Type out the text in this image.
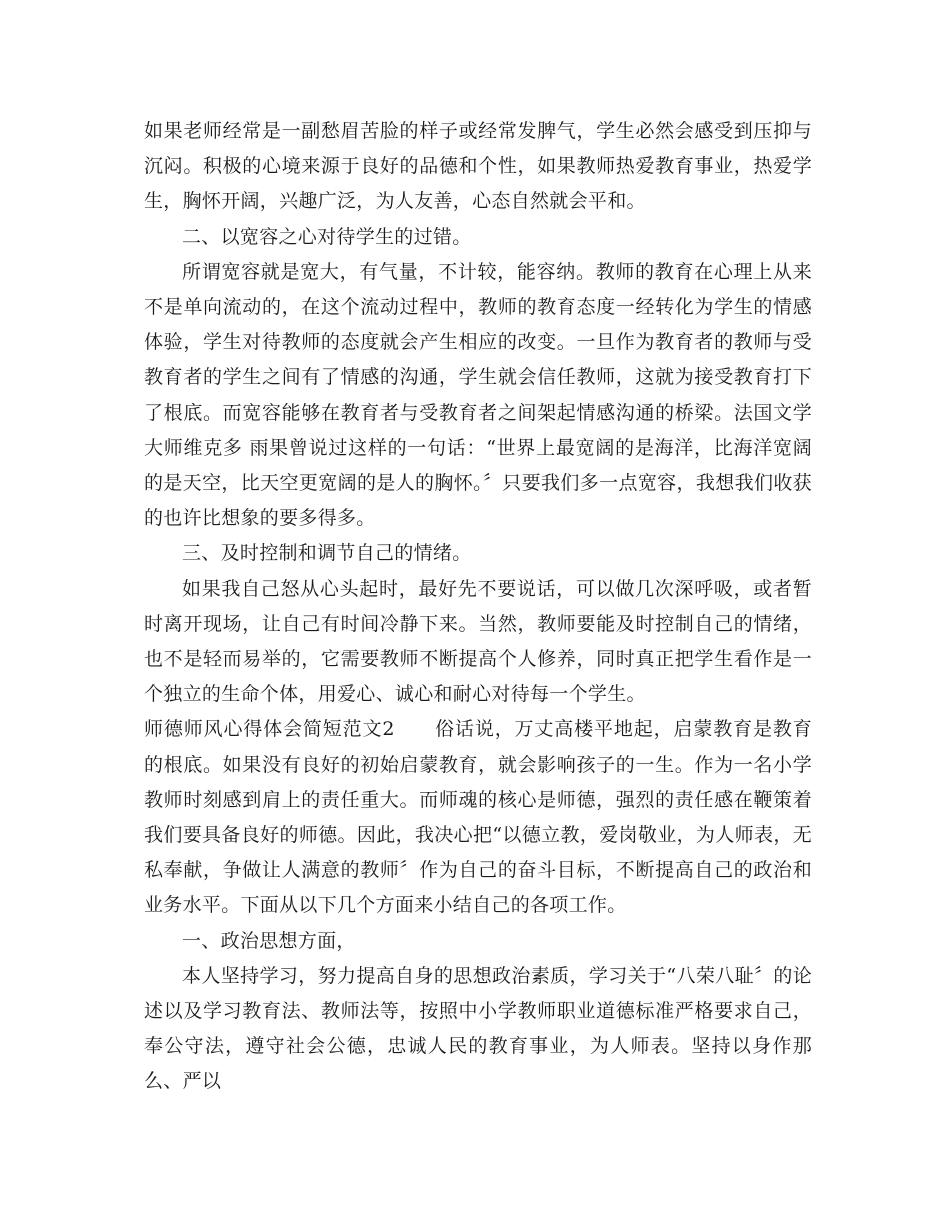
如果老师经常是一副愁眉苦脸的样子或经常发脾气，学生必然会感受到压抑与沉闷。积极的心境来源于良好的品德和个性，如果教师热爱教育事业，热爱学生，胸怀开阔，兴趣广泛，为人友善，心态自然就会平和。

二、以宽容之心对待学生的过错。

所谓宽容就是宽大，有气量，不计较，能容纳。教师的教育在心理上从来不是单向流动的，在这个流动过程中，教师的教育态度一经转化为学生的情感体验，学生对待教师的态度就会产生相应的改变。一旦作为教育者的教师与受教育者的学生之间有了情感的沟通，学生就会信任教师，这就为接受教育打下了根底。而宽容能够在教育者与受教育者之间架起情感沟通的桥梁。法国文学大师维克多 雨果曾说过这样的一句话：“世界上最宽阔的是海洋，比海洋宽阔的是天空，比天空更宽阔的是人的胸怀。〞只要我们多一点宽容，我想我们收获的也许比想象的要多得多。

三、及时控制和调节自己的情绪。

如果我自己怒从心头起时，最好先不要说话，可以做几次深呼吸，或者暂时离开现场，让自己有时间冷静下来。当然，教师要能及时控制自己的情绪，也不是轻而易举的，它需要教师不断提高个人修养，同时真正把学生看作是一个独立的生命个体，用爱心、诚心和耐心对待每一个学生。

师德师风心得体会简短范文2　　俗话说，万丈高楼平地起，启蒙教育是教育的根底。如果没有良好的初始启蒙教育，就会影响孩子的一生。作为一名小学教师时刻感到肩上的责任重大。而师魂的核心是师德，强烈的责任感在鞭策着我们要具备良好的师德。因此，我决心把“以德立教，爱岗敬业，为人师表，无私奉献，争做让人满意的教师〞作为自己的奋斗目标，不断提高自己的政治和业务水平。下面从以下几个方面来小结自己的各项工作。

一、政治思想方面，

本人坚持学习，努力提高自身的思想政治素质，学习关于“八荣八耻〞的论述以及学习教育法、教师法等，按照中小学教师职业道德标准严格要求自己，奉公守法，遵守社会公德，忠诚人民的教育事业，为人师表。坚持以身作那么、严以
